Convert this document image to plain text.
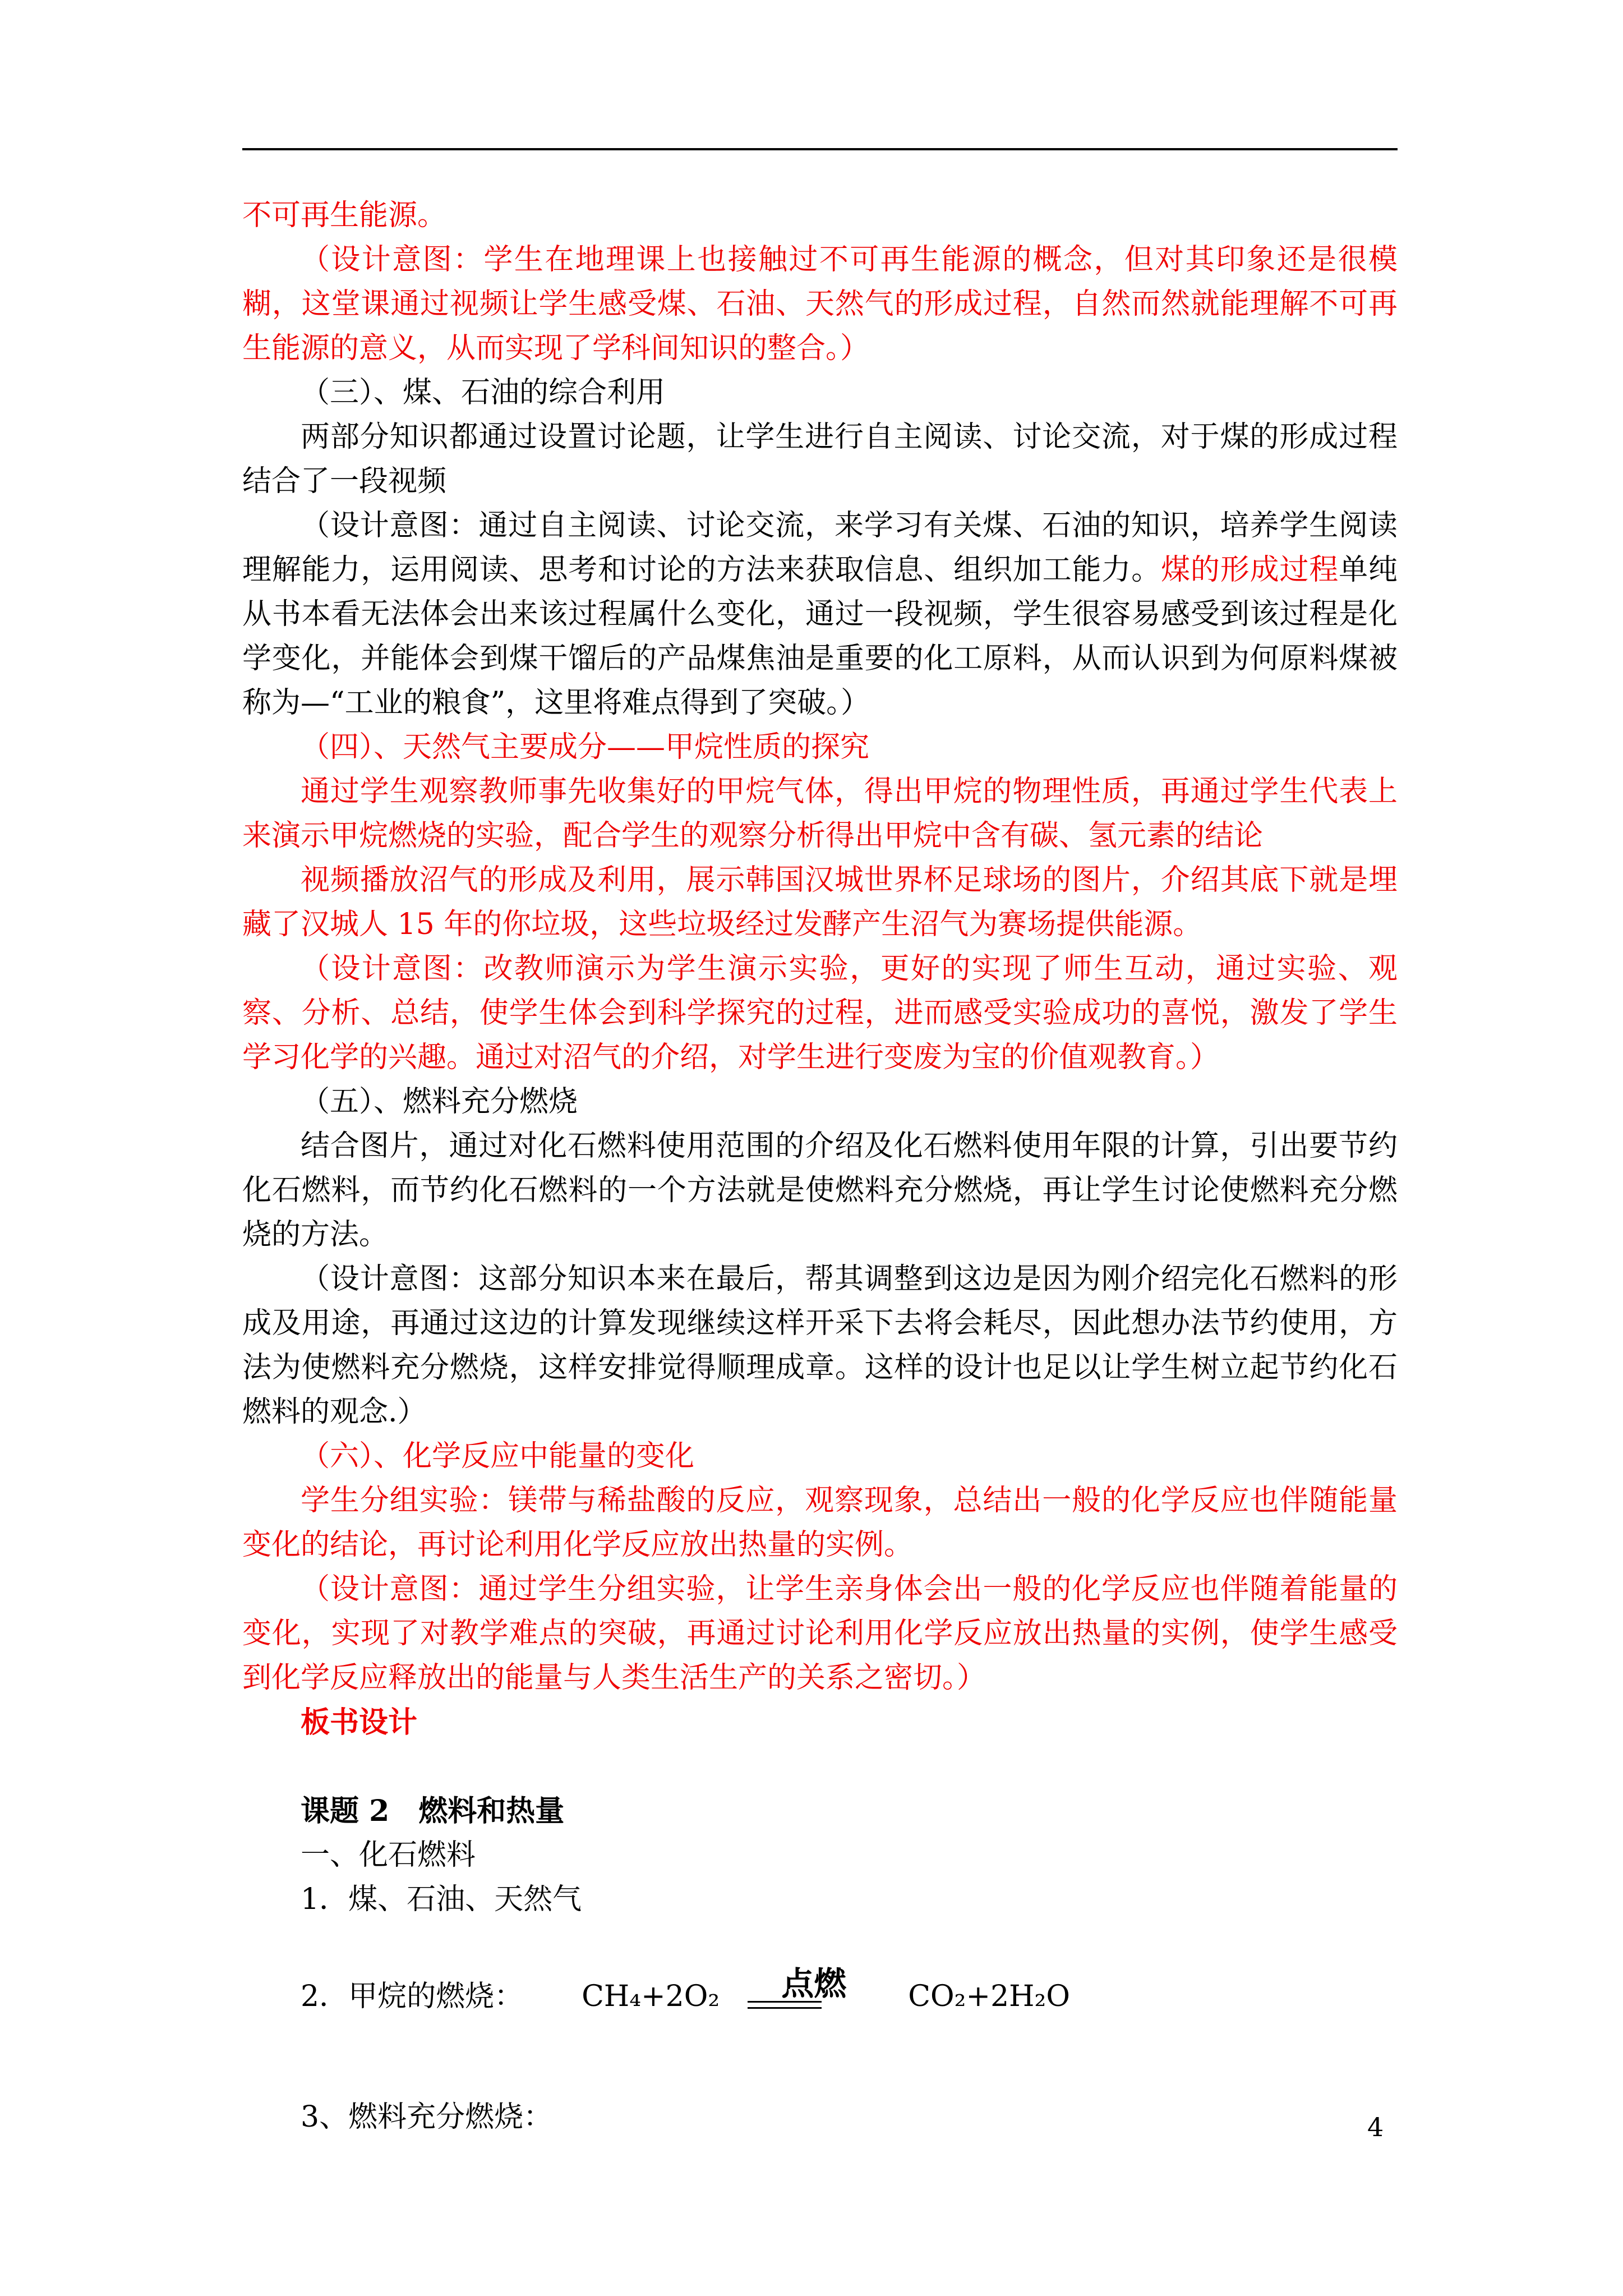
不可再生能源。

（设计意图：学生在地理课上也接触过不可再生能源的概念，但对其印象还是很模糊，这堂课通过视频让学生感受煤、石油、天然气的形成过程，自然而然就能理解不可再生能源的意义，从而实现了学科间知识的整合。）

（三）、煤、石油的综合利用

两部分知识都通过设置讨论题，让学生进行自主阅读、讨论交流，对于煤的形成过程结合了一段视频

（设计意图：通过自主阅读、讨论交流，来学习有关煤、石油的知识，培养学生阅读理解能力，运用阅读、思考和讨论的方法来获取信息、组织加工能力。煤的形成过程单纯从书本看无法体会出来该过程属什么变化，通过一段视频，学生很容易感受到该过程是化学变化，并能体会到煤干馏后的产品煤焦油是重要的化工原料，从而认识到为何原料煤被称为—“工业的粮食”，这里将难点得到了突破。）

（四）、天然气主要成分——甲烷性质的探究

通过学生观察教师事先收集好的甲烷气体，得出甲烷的物理性质，再通过学生代表上来演示甲烷燃烧的实验，配合学生的观察分析得出甲烷中含有碳、氢元素的结论

视频播放沼气的形成及利用，展示韩国汉城世界杯足球场的图片，介绍其底下就是埋藏了汉城人 15 年的你垃圾，这些垃圾经过发酵产生沼气为赛场提供能源。

（设计意图：改教师演示为学生演示实验，更好的实现了师生互动，通过实验、观察、分析、总结，使学生体会到科学探究的过程，进而感受实验成功的喜悦，激发了学生学习化学的兴趣。通过对沼气的介绍，对学生进行变废为宝的价值观教育。）

（五）、燃料充分燃烧

结合图片，通过对化石燃料使用范围的介绍及化石燃料使用年限的计算，引出要节约化石燃料，而节约化石燃料的一个方法就是使燃料充分燃烧，再让学生讨论使燃料充分燃烧的方法。

（设计意图：这部分知识本来在最后，帮其调整到这边是因为刚介绍完化石燃料的形成及用途，再通过这边的计算发现继续这样开采下去将会耗尽，因此想办法节约使用，方法为使燃料充分燃烧，这样安排觉得顺理成章。这样的设计也足以让学生树立起节约化石燃料的观念.）

（六）、化学反应中能量的变化

学生分组实验：镁带与稀盐酸的反应，观察现象，总结出一般的化学反应也伴随能量变化的结论，再讨论利用化学反应放出热量的实例。

（设计意图：通过学生分组实验，让学生亲身体会出一般的化学反应也伴随着能量的变化，实现了对教学难点的突破，再通过讨论利用化学反应放出热量的实例，使学生感受到化学反应释放出的能量与人类生活生产的关系之密切。）

板书设计

课题 2　燃料和热量

一、化石燃料

1．煤、石油、天然气

2．甲烷的燃烧：	CH₄+2O₂	点燃	CO₂+2H₂O

3、燃料充分燃烧：	4
